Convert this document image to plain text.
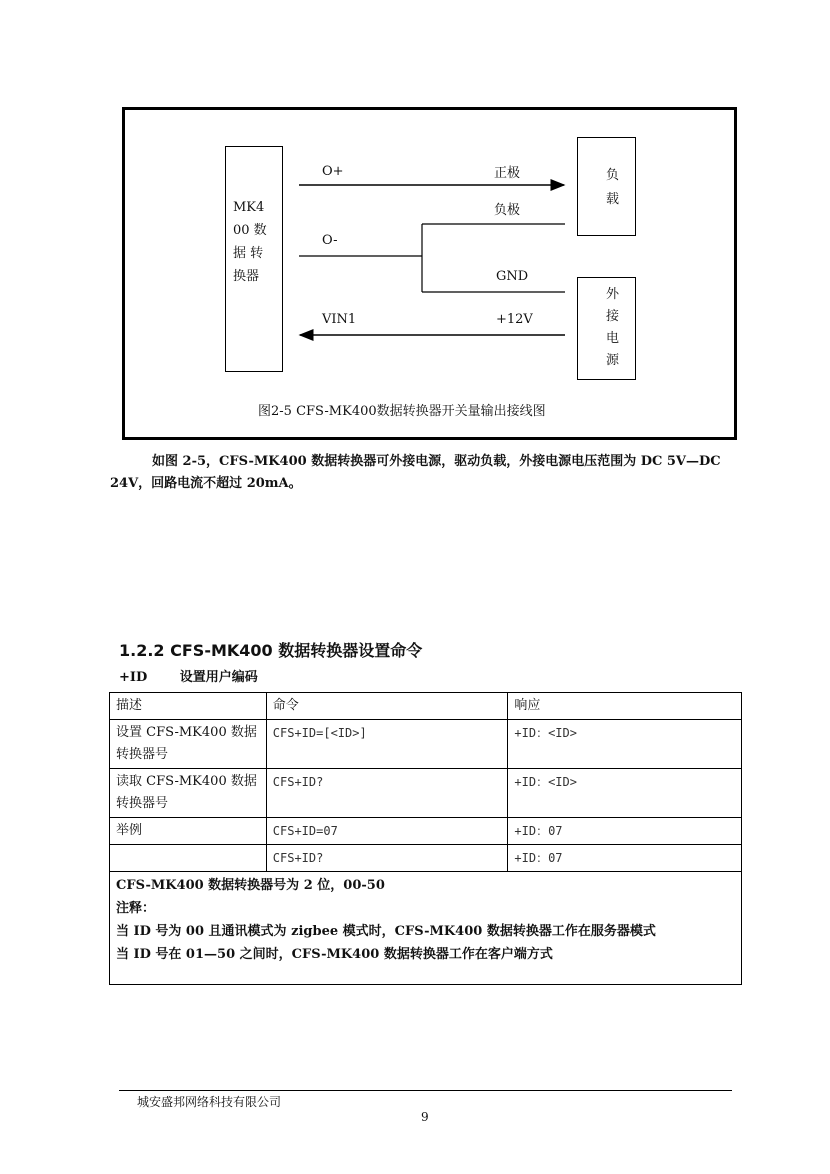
MK4
00 数
据 转
换器
负
载
外
接
电
源
O+	正极
负极
O-
GND
VIN1	+12V
图2-5 CFS-MK400数据转换器开关量输出接线图
如图 2-5，CFS-MK400 数据转换器可外接电源，驱动负载，外接电源电压范围为 DC 5V—DC 24V，回路电流不超过 20mA。
1.2.2 CFS-MK400 数据转换器设置命令
+ID	设置用户编码
描述	命令	响应
设置 CFS-MK400 数据转换器号	CFS+ID=[<ID>]	+ID：<ID>
读取 CFS-MK400 数据转换器号	CFS+ID?	+ID：<ID>
举例	CFS+ID=07	+ID：07
	CFS+ID?	+ID：07

CFS-MK400 数据转换器号为 2 位，00-50
注释：
当 ID 号为 00 且通讯模式为 zigbee 模式时，CFS-MK400 数据转换器工作在服务器模式
当 ID 号在 01—50 之间时，CFS-MK400 数据转换器工作在客户端方式		
城安盛邦网络科技有限公司
9
